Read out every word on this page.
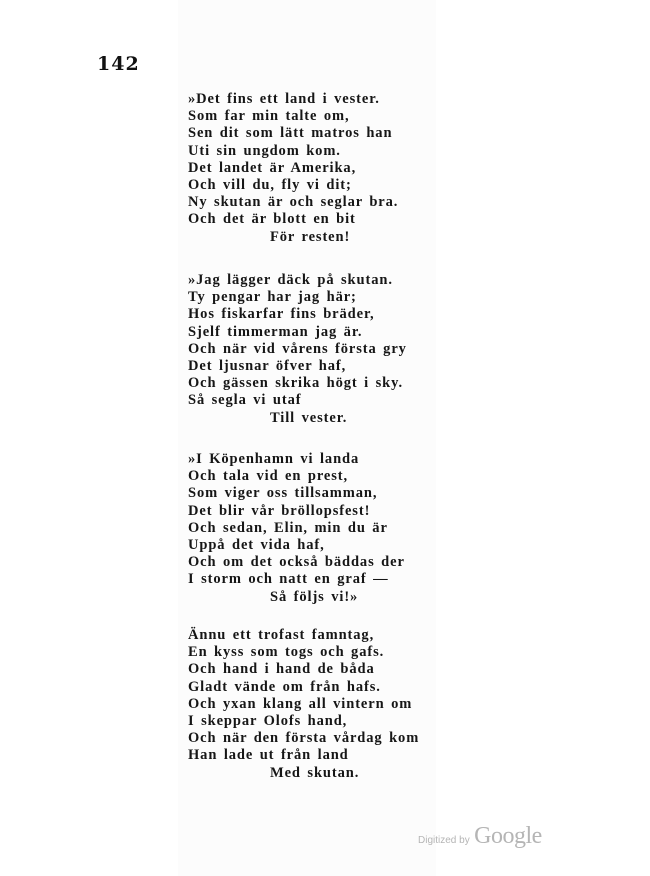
142
»Det fins ett land i vester.
Som far min talte om,
Sen dit som lätt matros han
Uti sin ungdom kom.
Det landet är Amerika,
Och vill du, fly vi dit;
Ny skutan är och seglar bra.
Och det är blott en bit
För resten!
»Jag lägger däck på skutan.
Ty pengar har jag här;
Hos fiskarfar fins bräder,
Sjelf timmerman jag är.
Och när vid vårens första gry
Det ljusnar öfver haf,
Och gässen skrika högt i sky.
Så segla vi utaf
Till vester.
»I Köpenhamn vi landa
Och tala vid en prest,
Som viger oss tillsamman,
Det blir vår bröllopsfest!
Och sedan, Elin, min du är
Uppå det vida haf,
Och om det också bäddas der
I storm och natt en graf —
Så följs vi!»
Ännu ett trofast famntag,
En kyss som togs och gafs.
Och hand i hand de båda
Gladt vände om från hafs.
Och yxan klang all vintern om
I skeppar Olofs hand,
Och när den första vårdag kom
Han lade ut från land
Med skutan.
Digitized by Google
